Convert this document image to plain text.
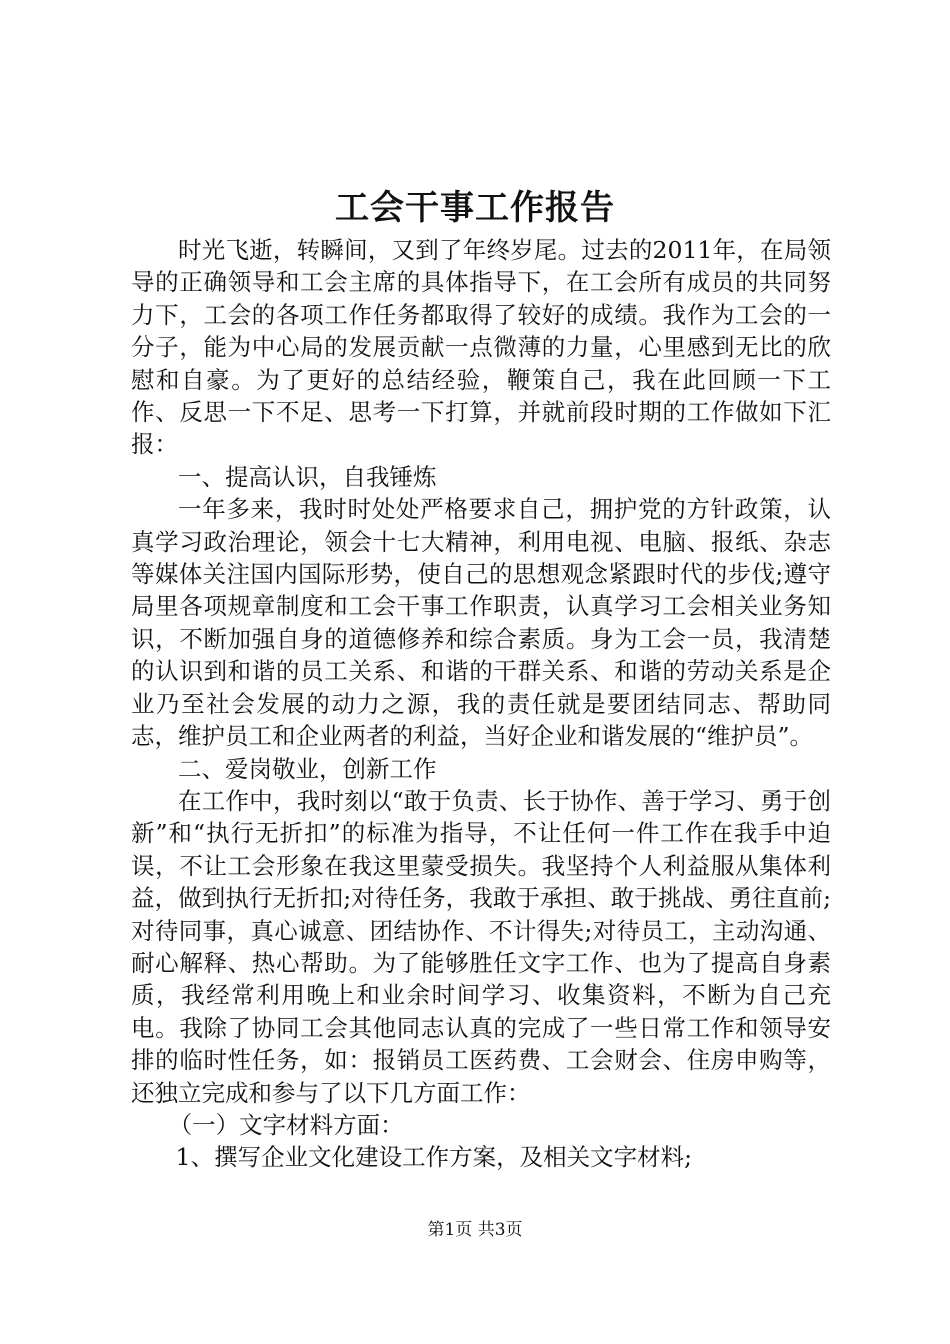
工会干事工作报告

时光飞逝，转瞬间，又到了年终岁尾。过去的2011年，在局领导的正确领导和工会主席的具体指导下，在工会所有成员的共同努力下，工会的各项工作任务都取得了较好的成绩。我作为工会的一分子，能为中心局的发展贡献一点微薄的力量，心里感到无比的欣慰和自豪。为了更好的总结经验，鞭策自己，我在此回顾一下工作、反思一下不足、思考一下打算，并就前段时期的工作做如下汇报：

一、提高认识，自我锤炼

一年多来，我时时处处严格要求自己，拥护党的方针政策，认真学习政治理论，领会十七大精神，利用电视、电脑、报纸、杂志等媒体关注国内国际形势，使自己的思想观念紧跟时代的步伐;遵守局里各项规章制度和工会干事工作职责，认真学习工会相关业务知识，不断加强自身的道德修养和综合素质。身为工会一员，我清楚的认识到和谐的员工关系、和谐的干群关系、和谐的劳动关系是企业乃至社会发展的动力之源，我的责任就是要团结同志、帮助同志，维护员工和企业两者的利益，当好企业和谐发展的“维护员”。

二、爱岗敬业，创新工作

在工作中，我时刻以“敢于负责、长于协作、善于学习、勇于创新”和“执行无折扣”的标准为指导，不让任何一件工作在我手中迫误，不让工会形象在我这里蒙受损失。我坚持个人利益服从集体利益，做到执行无折扣;对待任务，我敢于承担、敢于挑战、勇往直前;对待同事，真心诚意、团结协作、不计得失;对待员工，主动沟通、耐心解释、热心帮助。为了能够胜任文字工作、也为了提高自身素质，我经常利用晚上和业余时间学习、收集资料，不断为自己充电。我除了协同工会其他同志认真的完成了一些日常工作和领导安排的临时性任务，如：报销员工医药费、工会财会、住房申购等，还独立完成和参与了以下几方面工作：

（一）文字材料方面：

1、撰写企业文化建设工作方案，及相关文字材料;

第1页 共3页
